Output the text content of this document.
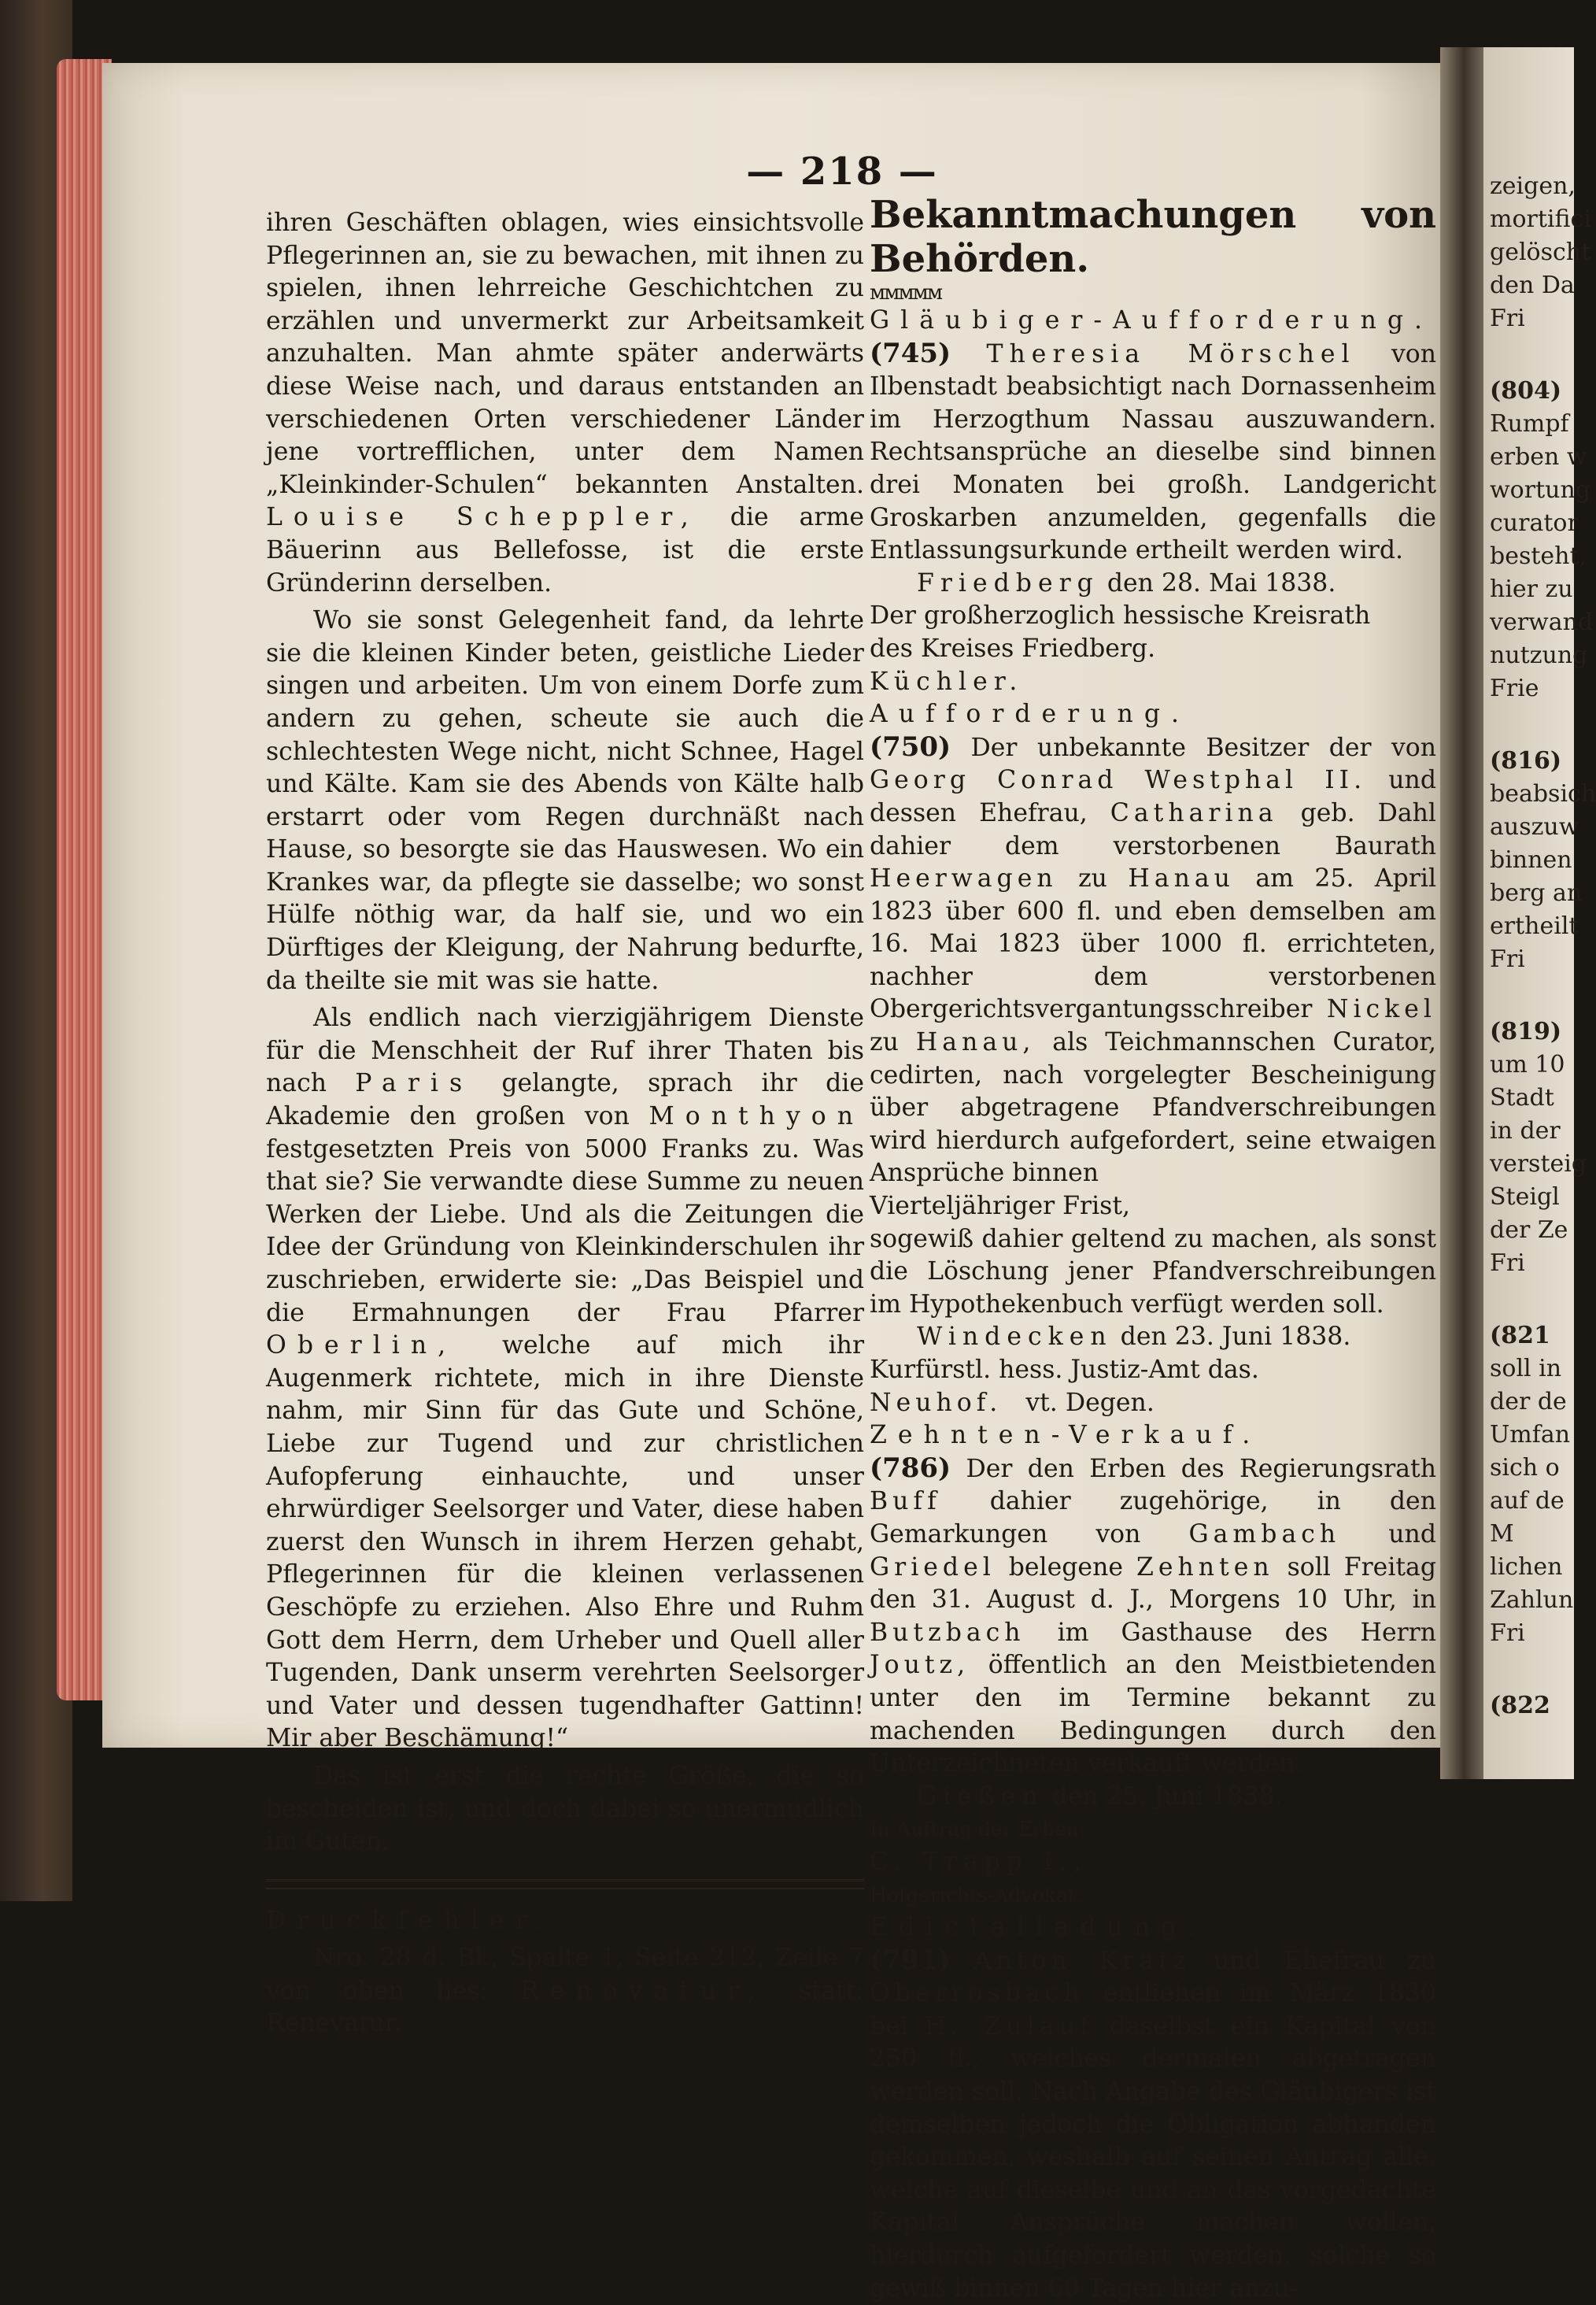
zeigen,
mortifici
gelöscht
den Da
Fri
(804)
Rumpf
erben w
wortung
curator
besteht,
hier zu
verwand
nutzung
Frie
(816)
beabsich
auszuw
binnen
berg an
ertheilt
Fri
(819)
um 10
Stadt
in der
versteig
Steigl
der Ze
Fri
(821
soll in
der de
Umfan
sich o
auf de
M
lichen
Zahlun
Fri
(822
— 218 —

ihren Geschäften oblagen, wies einsichtsvolle Pflegerinnen an, sie zu bewachen, mit ihnen zu spielen, ihnen lehrreiche Geschichtchen zu erzählen und unvermerkt zur Arbeitsamkeit anzuhalten. Man ahmte später anderwärts diese Weise nach, und daraus entstanden an verschiedenen Orten verschiedener Länder jene vortrefflichen, unter dem Namen „Kleinkinder-Schulen“ bekannten Anstalten. Louise Scheppler, die arme Bäuerinn aus Bellefosse, ist die erste Gründerinn derselben.

Wo sie sonst Gelegenheit fand, da lehrte sie die kleinen Kinder beten, geistliche Lieder singen und arbeiten. Um von einem Dorfe zum andern zu gehen, scheute sie auch die schlechtesten Wege nicht, nicht Schnee, Hagel und Kälte. Kam sie des Abends von Kälte halb erstarrt oder vom Regen durchnäßt nach Hause, so besorgte sie das Hauswesen. Wo ein Krankes war, da pflegte sie dasselbe; wo sonst Hülfe nöthig war, da half sie, und wo ein Dürftiges der Kleigung, der Nahrung bedurfte, da theilte sie mit was sie hatte.

Als endlich nach vierzigjährigem Dienste für die Menschheit der Ruf ihrer Thaten bis nach Paris gelangte, sprach ihr die Akademie den großen von Monthyon festgesetzten Preis von 5000 Franks zu. Was that sie? Sie verwandte diese Summe zu neuen Werken der Liebe. Und als die Zeitungen die Idee der Gründung von Kleinkinderschulen ihr zuschrieben, erwiderte sie: „Das Beispiel und die Ermahnungen der Frau Pfarrer Oberlin, welche auf mich ihr Augenmerk richtete, mich in ihre Dienste nahm, mir Sinn für das Gute und Schöne, Liebe zur Tugend und zur christlichen Aufopferung einhauchte, und unser ehrwürdiger Seelsorger und Vater, diese haben zuerst den Wunsch in ihrem Herzen gehabt, Pflegerinnen für die kleinen verlassenen Geschöpfe zu erziehen. Also Ehre und Ruhm Gott dem Herrn, dem Urheber und Quell aller Tugenden, Dank unserm verehrten Seelsorger und Vater und dessen tugendhafter Gattinn! Mir aber Beschämung!“

Das ist erst die rechte Größe, die so bescheiden ist, und doch dabei so unermüdlich im Guten.

Druckfehler.

Nro. 28 d. Bl., Spalte 1, Seite 212, Zeile 7 von oben lies: Renovatur, statt: Renevatur.

Bekanntmachungen von Behörden.

ᴍᴍᴍᴍᴍ

Gläubiger-Aufforderung.

(745) Theresia Mörschel von Ilbenstadt beabsichtigt nach Dornassenheim im Herzogthum Nassau auszuwandern. Rechtsansprüche an dieselbe sind binnen drei Monaten bei großh. Landgericht Groskarben anzumelden, gegenfalls die Entlassungsurkunde ertheilt werden wird.

Friedberg den 28. Mai 1838.

Der großherzoglich hessische Kreisrath

des Kreises Friedberg.

Küchler.

Aufforderung.

(750) Der unbekannte Besitzer der von Georg Conrad Westphal II. und dessen Ehefrau, Catharina geb. Dahl dahier dem verstorbenen Baurath Heerwagen zu Hanau am 25. April 1823 über 600 fl. und eben demselben am 16. Mai 1823 über 1000 fl. errichteten, nachher dem verstorbenen Obergerichtsvergantungsschreiber Nickel zu Hanau, als Teichmannschen Curator, cedirten, nach vorgelegter Bescheinigung über abgetragene Pfandverschreibungen wird hierdurch aufgefordert, seine etwaigen Ansprüche binnen

Vierteljähriger Frist,

sogewiß dahier geltend zu machen, als sonst die Löschung jener Pfandverschreibungen im Hypothekenbuch verfügt werden soll.

Windecken den 23. Juni 1838.

Kurfürstl. hess. Justiz-Amt das.

Neuhof. vt. Degen.

Zehnten-Verkauf.

(786) Der den Erben des Regierungsrath Buff dahier zugehörige, in den Gemarkungen von Gambach und Griedel belegene Zehnten soll Freitag den 31. August d. J., Morgens 10 Uhr, in Butzbach im Gasthause des Herrn Joutz, öffentlich an den Meistbietenden unter den im Termine bekannt zu machenden Bedingungen durch den Unterzeichneten verkauft werden.

Gießen den 25. Juni 1838.

In Auftrag der Erben:

C. Trapp I.,

Hofgerichts-Advokat.

Edictalladung.

(791) Anton Kratz und Ehefrau zu Oberrosbach entliehen im März 1830 bei H. Zulauf daselbst ein Kapital von 250 fl., welches dermalen abgetragen werden soll. Nach Angabe des Gläubigers ist demselben jedoch die Obligation abhanden gekommen, weshalb auf seinen Antrag alle, welche auf dieselbe und an das vorgedachte Kapital Ansprüche machen wollen, hierdurch aufgefordert werden, solche so gewiß binnen 60 Tagen hier anzu-
